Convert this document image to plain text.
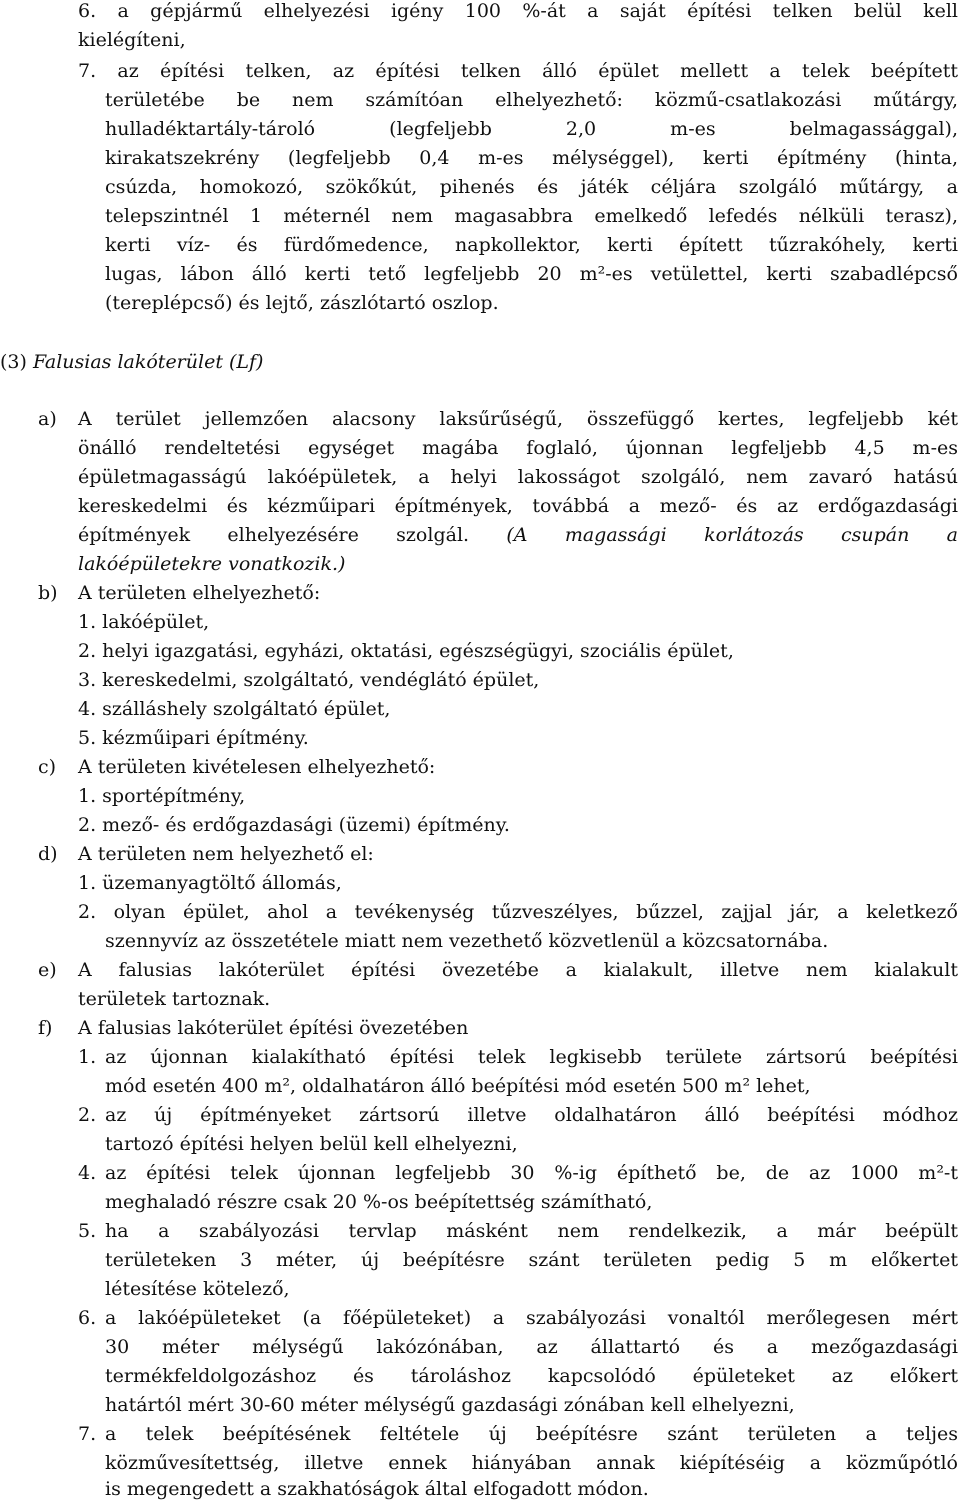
6. a gépjármű elhelyezési igény 100 %-át a saját építési telken belül kell
kielégíteni,
7. az építési telken, az építési telken álló épület mellett a telek beépített
területébe be nem számítóan elhelyezhető: közmű-csatlakozási műtárgy,
hulladéktartály-tároló (legfeljebb 2,0 m-es belmagassággal),
kirakatszekrény (legfeljebb 0,4 m-es mélységgel), kerti építmény (hinta,
csúzda, homokozó, szökőkút, pihenés és játék céljára szolgáló műtárgy, a
telepszintnél 1 méternél nem magasabbra emelkedő lefedés nélküli terasz),
kerti víz- és fürdőmedence, napkollektor, kerti épített tűzrakóhely, kerti
lugas, lábon álló kerti tető legfeljebb 20 m²-es vetülettel, kerti szabadlépcső
(tereplépcső) és lejtő, zászlótartó oszlop.
(3) Falusias lakóterület (Lf)
a) A terület jellemzően alacsony laksűrűségű, összefüggő kertes, legfeljebb két
önálló rendeltetési egységet magába foglaló, újonnan legfeljebb 4,5 m-es
épületmagasságú lakóépületek, a helyi lakosságot szolgáló, nem zavaró hatású
kereskedelmi és kézműipari építmények, továbbá a mező- és az erdőgazdasági
építmények elhelyezésére szolgál. (A magassági korlátozás csupán a
lakóépületekre vonatkozik.)
b) A területen elhelyezhető:
1. lakóépület,
2. helyi igazgatási, egyházi, oktatási, egészségügyi, szociális épület,
3. kereskedelmi, szolgáltató, vendéglátó épület,
4. szálláshely szolgáltató épület,
5. kézműipari építmény.
c) A területen kivételesen elhelyezhető:
1. sportépítmény,
2. mező- és erdőgazdasági (üzemi) építmény.
d) A területen nem helyezhető el:
1. üzemanyagtöltő állomás,
2. olyan épület, ahol a tevékenység tűzveszélyes, bűzzel, zajjal jár, a keletkező
szennyvíz az összetétele miatt nem vezethető közvetlenül a közcsatornába.
e) A falusias lakóterület építési övezetébe a kialakult, illetve nem kialakult
területek tartoznak.
f) A falusias lakóterület építési övezetében
1. az újonnan kialakítható építési telek legkisebb területe zártsorú beépítési
mód esetén 400 m², oldalhatáron álló beépítési mód esetén 500 m² lehet,
2. az új építményeket zártsorú illetve oldalhatáron álló beépítési módhoz
tartozó építési helyen belül kell elhelyezni,
4. az építési telek újonnan legfeljebb 30 %-ig építhető be, de az 1000 m²-t
meghaladó részre csak 20 %-os beépítettség számítható,
5. ha a szabályozási tervlap másként nem rendelkezik, a már beépült
területeken 3 méter, új beépítésre szánt területen pedig 5 m előkertet
létesítése kötelező,
6. a lakóépületeket (a főépületeket) a szabályozási vonaltól merőlegesen mért
30 méter mélységű lakózónában, az állattartó és a mezőgazdasági
termékfeldolgozáshoz és tároláshoz kapcsolódó épületeket az előkert
határtól mért 30-60 méter mélységű gazdasági zónában kell elhelyezni,
7. a telek beépítésének feltétele új beépítésre szánt területen a teljes
közművesítettség, illetve ennek hiányában annak kiépítéséig a közműpótló
is megengedett a szakhatóságok által elfogadott módon.
